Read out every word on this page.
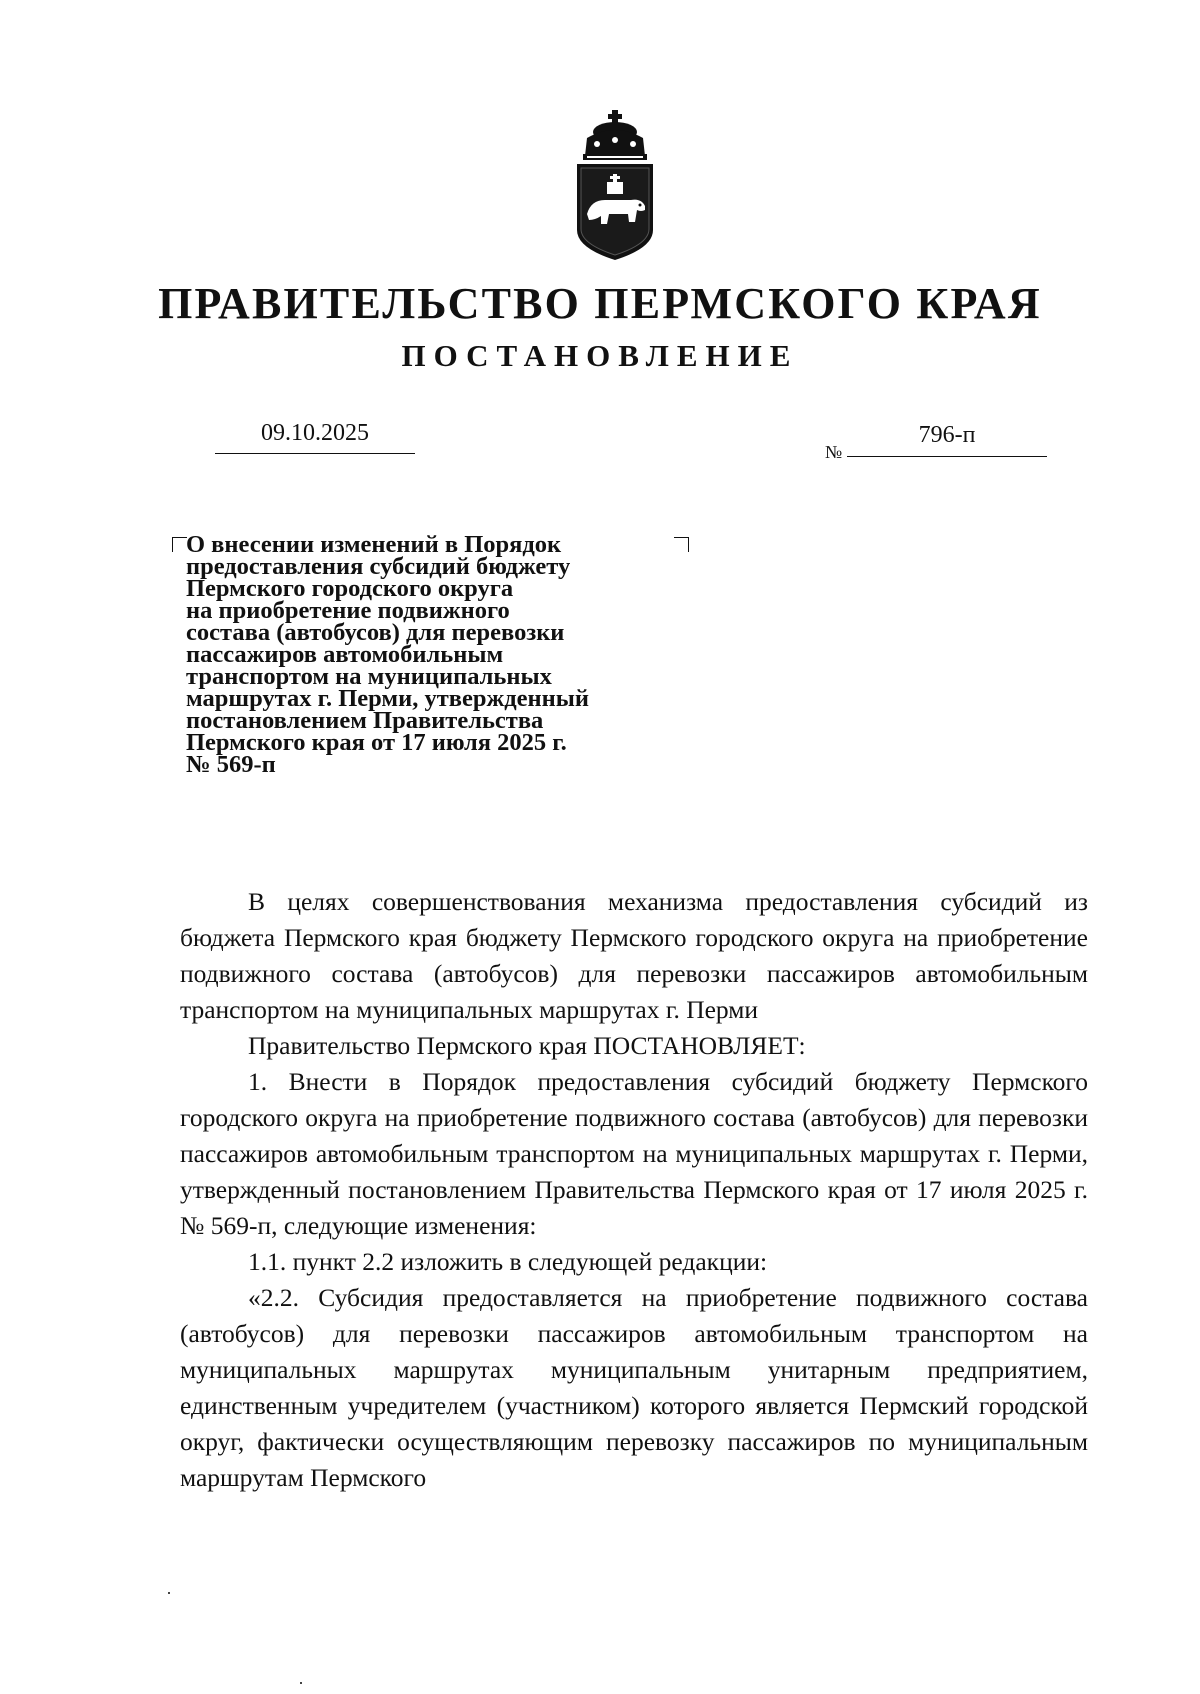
ПРАВИТЕЛЬСТВО ПЕРМСКОГО КРАЯ
ПОСТАНОВЛЕНИЕ
09.10.2025
№
796-п
О внесении изменений в Порядок
предоставления субсидий бюджету
Пермского городского округа
на приобретение подвижного
состава (автобусов) для перевозки
пассажиров автомобильным
транспортом на муниципальных
маршрутах г. Перми, утвержденный
постановлением Правительства
Пермского края от 17 июля 2025 г.
№ 569-п

В целях совершенствования механизма предоставления субсидий из бюджета Пермского края бюджету Пермского городского округа на приобретение подвижного состава (автобусов) для перевозки пассажиров автомобильным транспортом на муниципальных маршрутах г. Перми

Правительство Пермского края ПОСТАНОВЛЯЕТ:

1. Внести в Порядок предоставления субсидий бюджету Пермского городского округа на приобретение подвижного состава (автобусов) для перевозки пассажиров автомобильным транспортом на муниципальных маршрутах г. Перми, утвержденный постановлением Правительства Пермского края от 17 июля 2025 г. № 569-п, следующие изменения:

1.1. пункт 2.2 изложить в следующей редакции:

«2.2. Субсидия предоставляется на приобретение подвижного состава (автобусов) для перевозки пассажиров автомобильным транспортом на муниципальных маршрутах муниципальным унитарным предприятием, единственным учредителем (участником) которого является Пермский городской округ, фактически осуществляющим перевозку пассажиров по муниципальным маршрутам Пермского
